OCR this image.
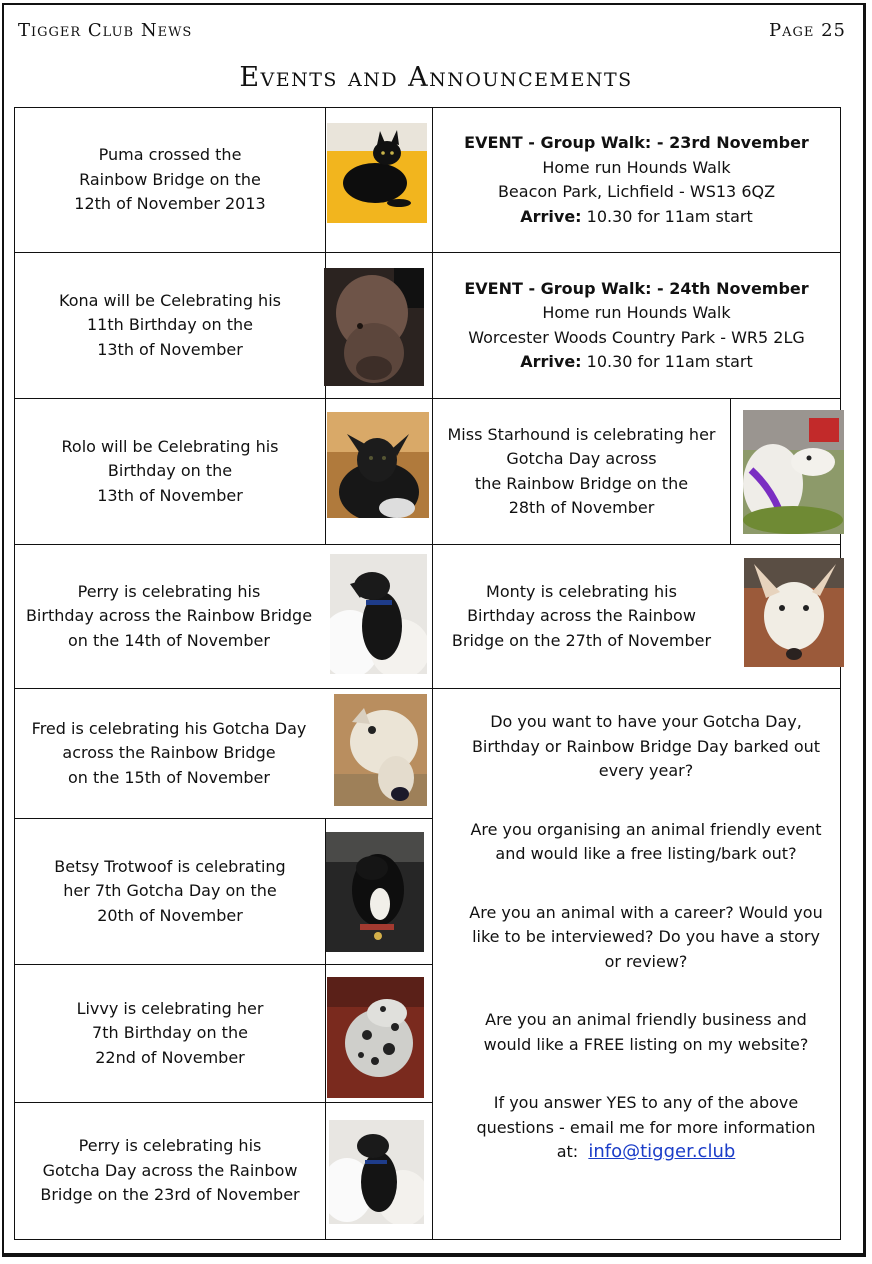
Tigger Club News	Page 25
Events and Announcements
Puma crossed the
Rainbow Bridge on the
12th of November 2013
Kona will be Celebrating his
11th Birthday on the
13th of November
Rolo will be Celebrating his
Birthday on the
13th of November
Perry is celebrating his
Birthday across the Rainbow Bridge
on the 14th of November
Fred is celebrating his Gotcha Day
across the Rainbow Bridge
on the 15th of November
Betsy Trotwoof is celebrating
her 7th Gotcha Day on the
20th of November
Livvy is celebrating her
7th Birthday on the
22nd of November
Perry is celebrating his
Gotcha Day across the Rainbow
Bridge on the 23rd of November
EVENT - Group Walk: - 23rd November
Home run Hounds Walk
Beacon Park, Lichfield - WS13 6QZ
Arrive: 10.30 for 11am start
EVENT - Group Walk: - 24th November
Home run Hounds Walk
Worcester Woods Country Park - WR5 2LG
Arrive: 10.30 for 11am start
Miss Starhound is celebrating her
Gotcha Day across
the Rainbow Bridge on the
28th of November
Monty is celebrating his
Birthday across the Rainbow
Bridge on the 27th of November

Do you want to have your Gotcha Day,
Birthday or Rainbow Bridge Day barked out
every year?

Are you organising an animal friendly event
and would like a free listing/bark out?

Are you an animal with a career? Would you
like to be interviewed? Do you have a story
or review?

Are you an animal friendly business and
would like a FREE listing on my website?

If you answer YES to any of the above
questions - email me for more information
at:  info@tigger.club
